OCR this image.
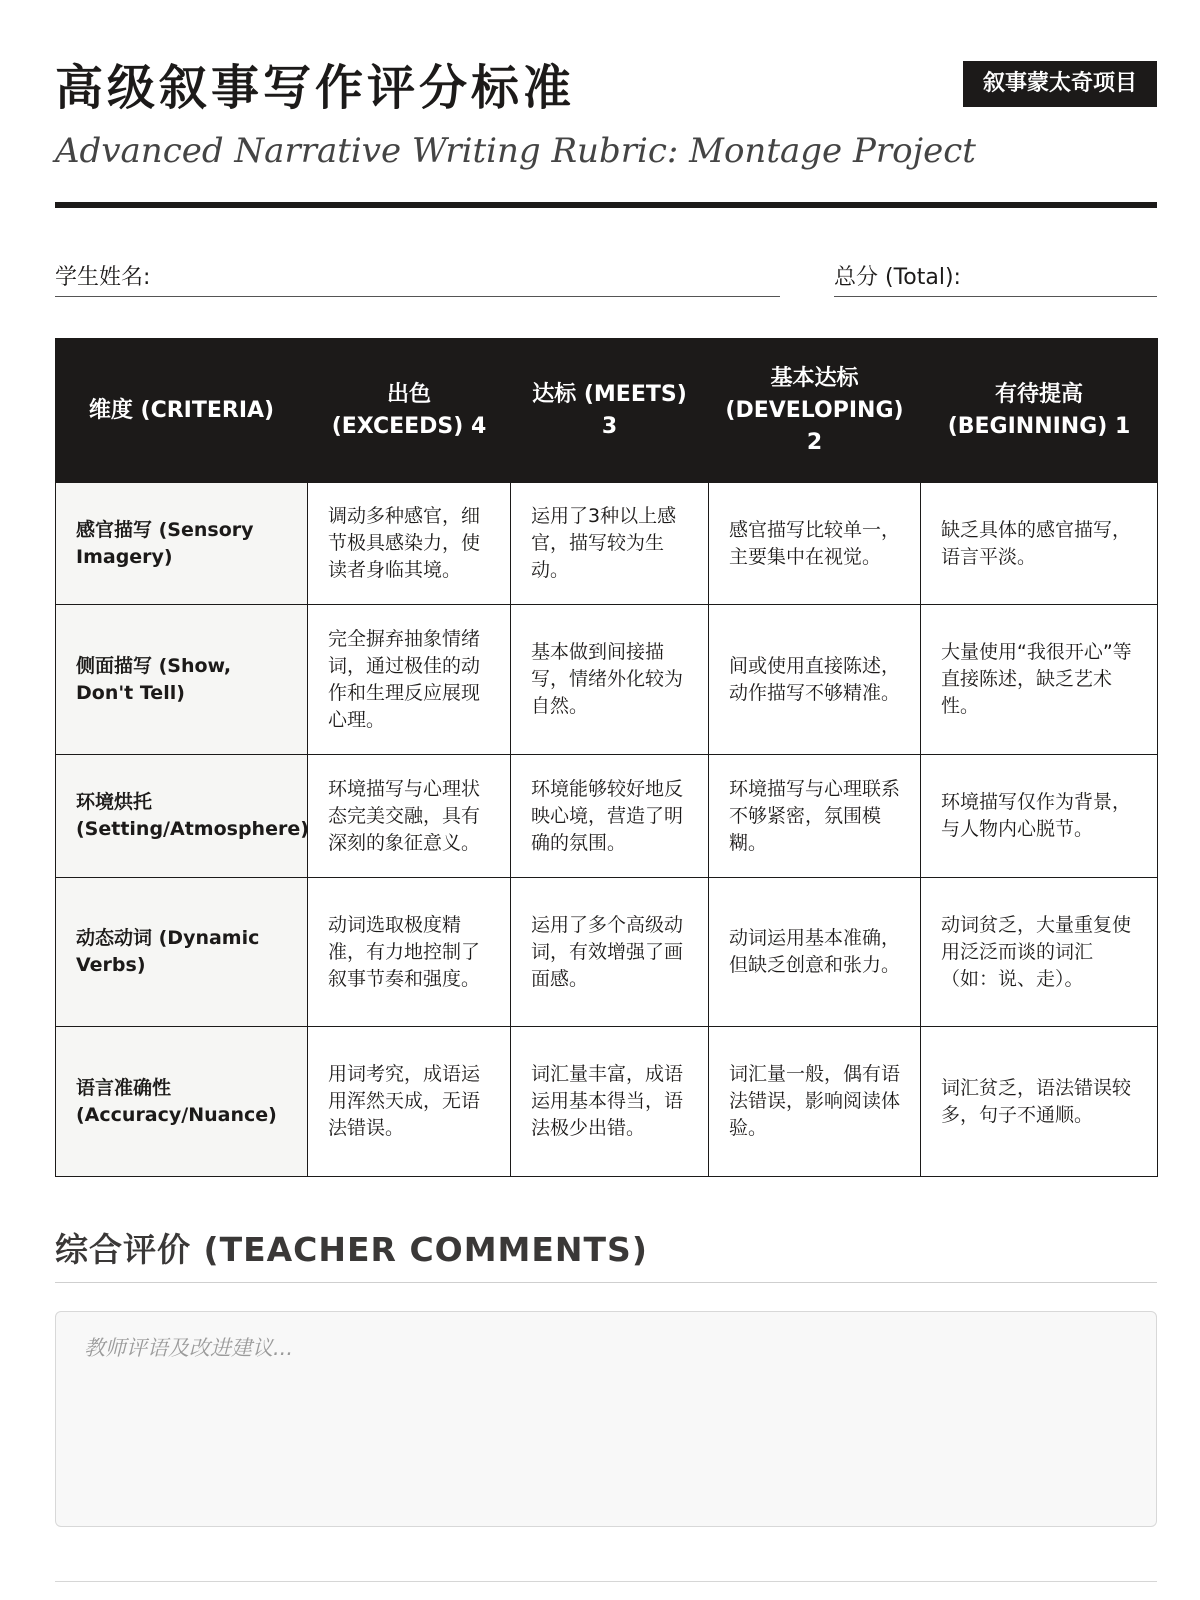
高级叙事写作评分标准
Advanced Narrative Writing Rubric: Montage Project
叙事蒙太奇项目
学生姓名:	总分 (Total):
维度 (CRITERIA)	出色 (EXCEEDS) 4	达标 (MEETS) 3	基本达标 (DEVELOPING) 2	有待提高 (BEGINNING) 1
感官描写 (Sensory Imagery)	调动多种感官，细节极具感染力，使读者身临其境。	运用了3种以上感官，描写较为生动。	感官描写比较单一，主要集中在视觉。	缺乏具体的感官描写，语言平淡。
侧面描写 (Show, Don't Tell)	完全摒弃抽象情绪词，通过极佳的动作和生理反应展现心理。	基本做到间接描写，情绪外化较为自然。	间或使用直接陈述，动作描写不够精准。	大量使用“我很开心”等直接陈述，缺乏艺术性。
环境烘托 (Setting/Atmosphere)	环境描写与心理状态完美交融，具有深刻的象征意义。	环境能够较好地反映心境，营造了明确的氛围。	环境描写与心理联系不够紧密，氛围模糊。	环境描写仅作为背景，与人物内心脱节。
动态动词 (Dynamic Verbs)	动词选取极度精准，有力地控制了叙事节奏和强度。	运用了多个高级动词，有效增强了画面感。	动词运用基本准确，但缺乏创意和张力。	动词贫乏，大量重复使用泛泛而谈的词汇（如：说、走）。
语言准确性 (Accuracy/Nuance)	用词考究，成语运用浑然天成，无语法错误。	词汇量丰富，成语运用基本得当，语法极少出错。	词汇量一般，偶有语法错误，影响阅读体验。	词汇贫乏，语法错误较多，句子不通顺。
综合评价 (TEACHER COMMENTS)
教师评语及改进建议...
